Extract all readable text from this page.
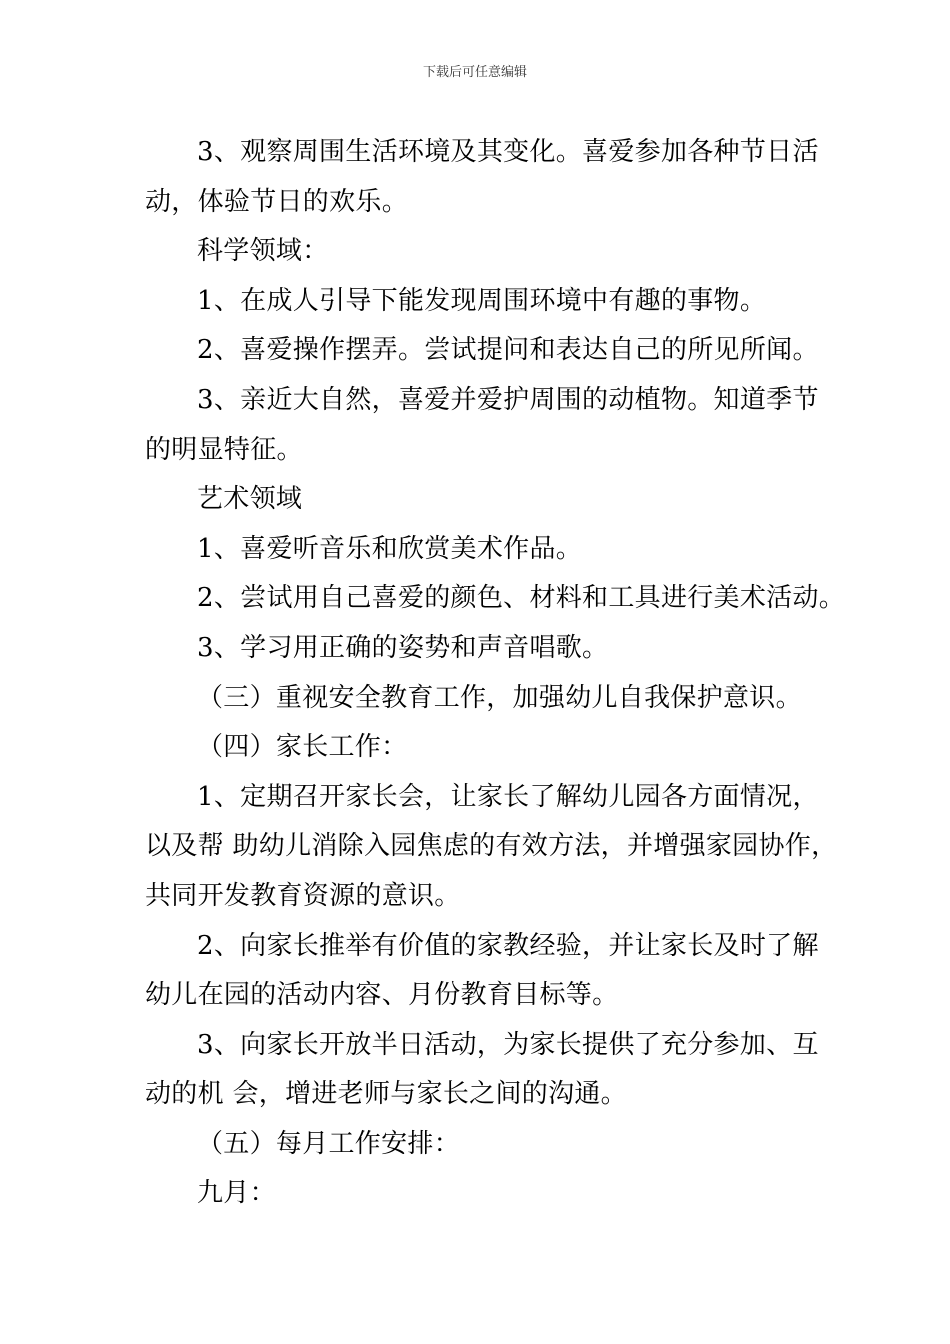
下载后可任意编辑
3、观察周围生活环境及其变化。喜爱参加各种节日活
动，体验节日的欢乐。
科学领域：
1、在成人引导下能发现周围环境中有趣的事物。
2、喜爱操作摆弄。尝试提问和表达自己的所见所闻。
3、亲近大自然，喜爱并爱护周围的动植物。知道季节
的明显特征。
艺术领域
1、喜爱听音乐和欣赏美术作品。
2、尝试用自己喜爱的颜色、材料和工具进行美术活动。
3、学习用正确的姿势和声音唱歌。
（三）重视安全教育工作，加强幼儿自我保护意识。
（四）家长工作：
1、定期召开家长会，让家长了解幼儿园各方面情况，
以及帮 助幼儿消除入园焦虑的有效方法，并增强家园协作，
共同开发教育资源的意识。
2、向家长推举有价值的家教经验，并让家长及时了解
幼儿在园的活动内容、月份教育目标等。
3、向家长开放半日活动，为家长提供了充分参加、互
动的机 会，增进老师与家长之间的沟通。
（五）每月工作安排：
九月：
